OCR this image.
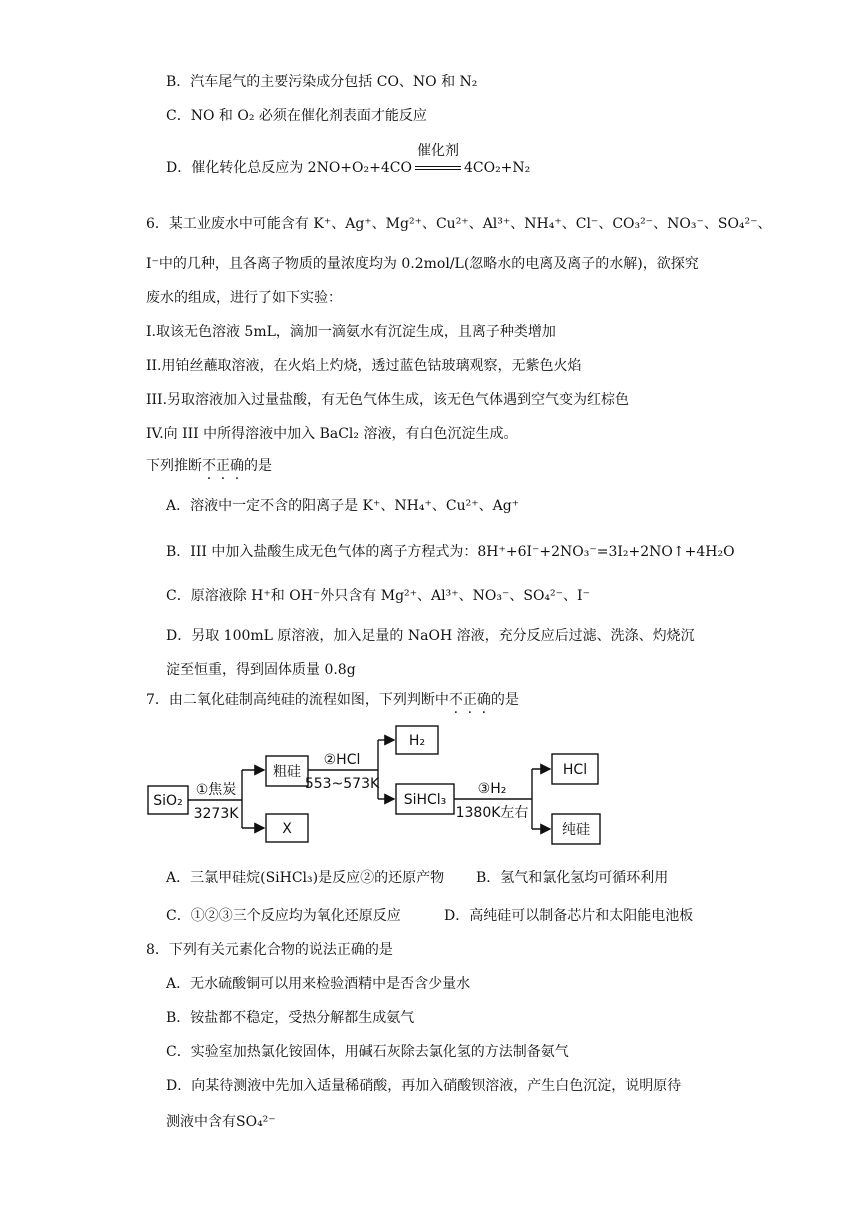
B．汽车尾气的主要污染成分包括 CO、NO 和 N₂
C．NO 和 O₂ 必须在催化剂表面才能反应
D．催化转化总反应为 2NO+O₂+4CO
催化剂
4CO₂+N₂
6．某工业废水中可能含有 K⁺、Ag⁺、Mg²⁺、Cu²⁺、Al³⁺、NH₄⁺、Cl⁻、CO₃²⁻、NO₃⁻、SO₄²⁻、
I⁻中的几种，且各离子物质的量浓度均为 0.2mol/L(忽略水的电离及离子的水解)，欲探究
废水的组成，进行了如下实验：
I.取该无色溶液 5mL，滴加一滴氨水有沉淀生成，且离子种类增加
II.用铂丝蘸取溶液，在火焰上灼烧，透过蓝色钴玻璃观察，无紫色火焰
III.另取溶液加入过量盐酸，有无色气体生成，该无色气体遇到空气变为红棕色
IV.向 III 中所得溶液中加入 BaCl₂ 溶液，有白色沉淀生成。
下列推断不正确的是
A．溶液中一定不含的阳离子是 K⁺、NH₄⁺、Cu²⁺、Ag⁺
B．III 中加入盐酸生成无色气体的离子方程式为：8H⁺+6I⁻+2NO₃⁻=3I₂+2NO↑+4H₂O
C．原溶液除 H⁺和 OH⁻外只含有 Mg²⁺、Al³⁺、NO₃⁻、SO₄²⁻、I⁻
D．另取 100mL 原溶液，加入足量的 NaOH 溶液，充分反应后过滤、洗涤、灼烧沉
淀至恒重，得到固体质量 0.8g
7．由二氧化硅制高纯硅的流程如图，下列判断中不正确的是
SiO₂
①焦炭
3273K
粗硅
X
②HCl
553~573K
H₂
SiHCl₃
③H₂
1380K左右
HCl
纯硅
A．三氯甲硅烷(SiHCl₃)是反应②的还原产物 B．氢气和氯化氢均可循环利用
C．①②③三个反应均为氧化还原反应	D．高纯硅可以制备芯片和太阳能电池板
8．下列有关元素化合物的说法正确的是
A．无水硫酸铜可以用来检验酒精中是否含少量水
B．铵盐都不稳定，受热分解都生成氨气
C．实验室加热氯化铵固体，用碱石灰除去氯化氢的方法制备氨气
D．向某待测液中先加入适量稀硝酸，再加入硝酸钡溶液，产生白色沉淀，说明原待
测液中含有SO₄²⁻
